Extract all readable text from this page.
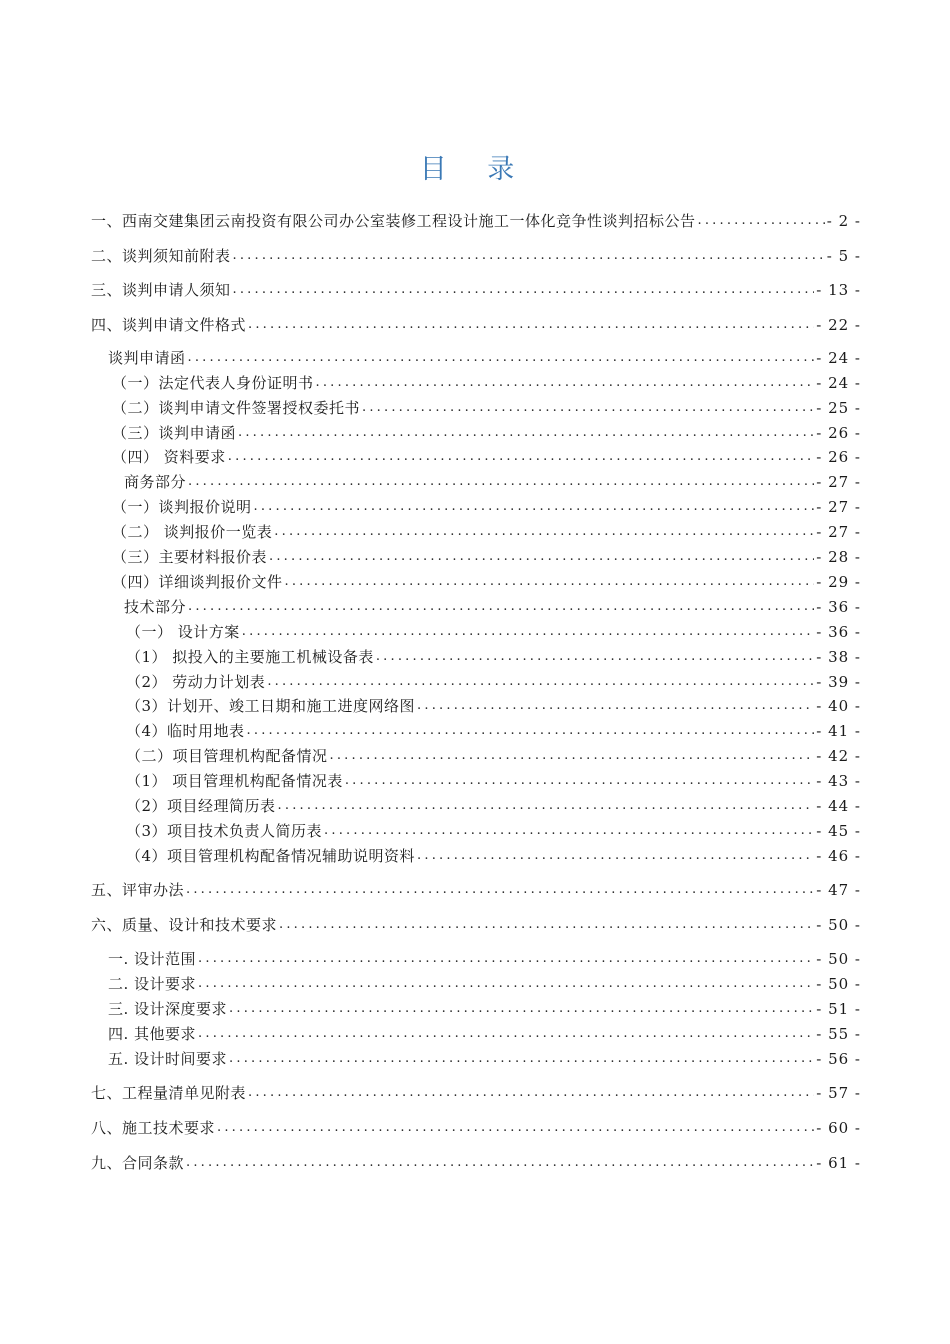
目 录
一、西南交建集团云南投资有限公司办公室装修工程设计施工一体化竞争性谈判招标公告 .....	- 2 -
二、谈判须知前附表 .....	- 5 -
三、谈判申请人须知 .....	- 13 -
四、谈判申请文件格式 .....	- 22 -
谈判申请函 .....	- 24 -
（一）法定代表人身份证明书 .....	- 24 -
（二）谈判申请文件签署授权委托书 .....	- 25 -
（三）谈判申请函 .....	- 26 -
（四） 资料要求 .....	- 26 -
商务部分 .....	- 27 -
（一）谈判报价说明 .....	- 27 -
（二） 谈判报价一览表 .....	- 27 -
（三）主要材料报价表 .....	- 28 -
（四）详细谈判报价文件 .....	- 29 -
技术部分 .....	- 36 -
（一） 设计方案 .....	- 36 -
（1） 拟投入的主要施工机械设备表 .....	- 38 -
（2） 劳动力计划表 .....	- 39 -
（3）计划开、竣工日期和施工进度网络图 .....	- 40 -
（4）临时用地表 .....	- 41 -
（二）项目管理机构配备情况 .....	- 42 -
（1） 项目管理机构配备情况表 .....	- 43 -
（2）项目经理简历表 .....	- 44 -
（3）项目技术负责人简历表 .....	- 45 -
（4）项目管理机构配备情况辅助说明资料 .....	- 46 -
五、评审办法 .....	- 47 -
六、质量、设计和技术要求 .....	- 50 -
一. 设计范围 .....	- 50 -
二. 设计要求 .....	- 50 -
三. 设计深度要求 .....	- 51 -
四. 其他要求 .....	- 55 -
五. 设计时间要求 .....	- 56 -
七、工程量清单见附表 .....	- 57 -
八、施工技术要求 .....	- 60 -
九、合同条款 .....	- 61 -
